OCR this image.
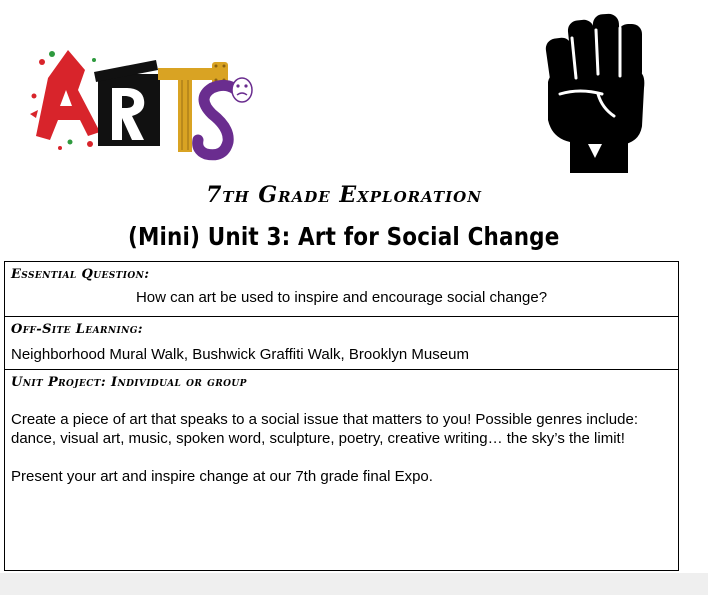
7th Grade Exploration
(Mini) Unit 3: Art for Social Change
Essential Question:
How can art be used to inspire and encourage social change?
Off-Site Learning:
Neighborhood Mural Walk, Bushwick Graffiti Walk, Brooklyn Museum
Unit Project: Individual or group
Create a piece of art that speaks to a social issue that matters to you! Possible genres include: dance, visual art, music, spoken word, sculpture, poetry, creative writing… the sky’s the limit!
Present your art and inspire change at our 7th grade final Expo.
